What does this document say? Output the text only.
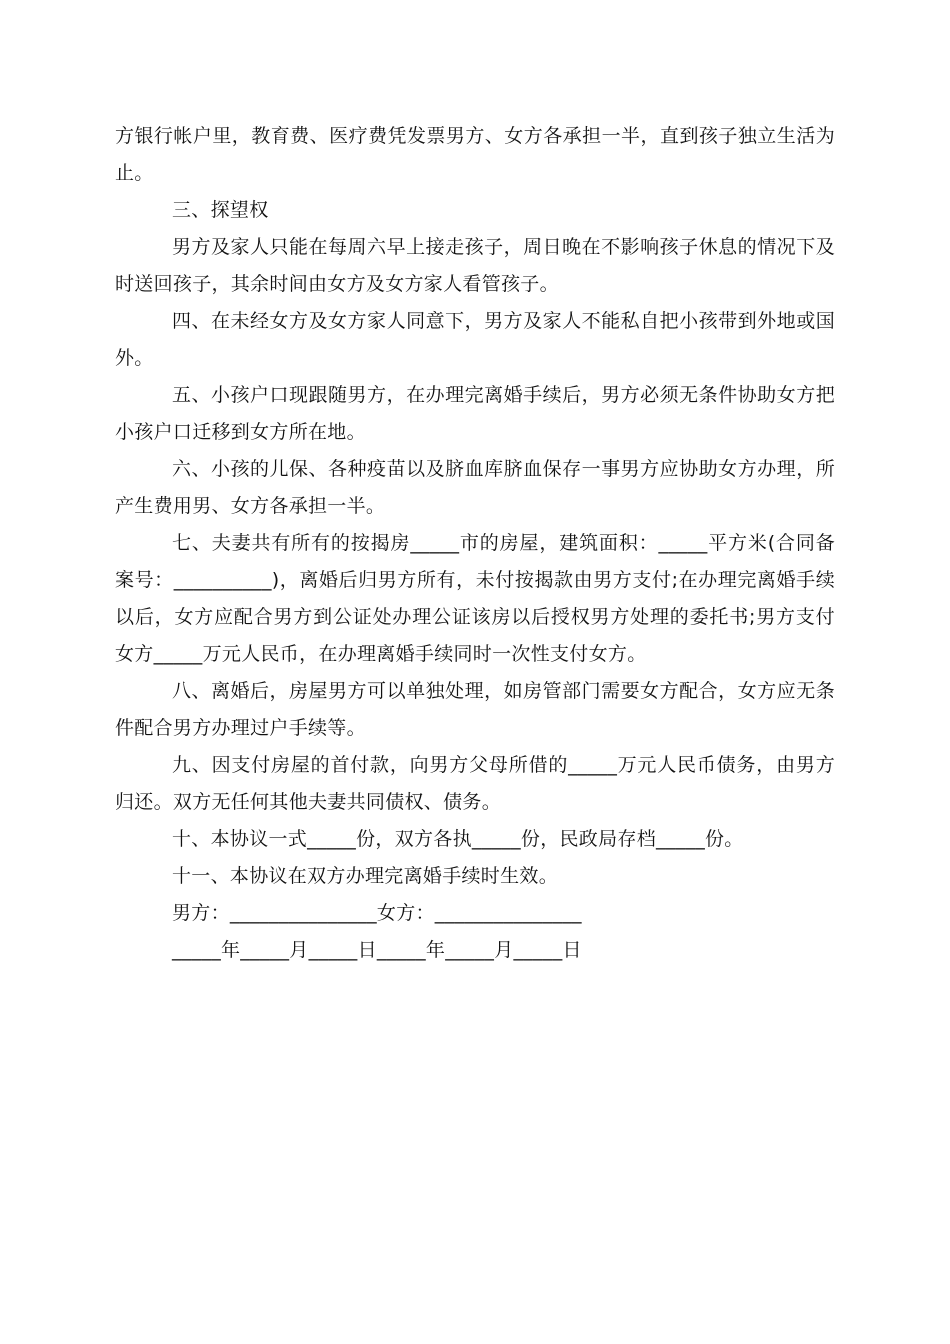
方银行帐户里，教育费、医疗费凭发票男方、女方各承担一半，直到孩子独立生活为止。

三、探望权

男方及家人只能在每周六早上接走孩子，周日晚在不影响孩子休息的情况下及时送回孩子，其余时间由女方及女方家人看管孩子。

四、在未经女方及女方家人同意下，男方及家人不能私自把小孩带到外地或国外。

五、小孩户口现跟随男方，在办理完离婚手续后，男方必须无条件协助女方把小孩户口迁移到女方所在地。

六、小孩的儿保、各种疫苗以及脐血库脐血保存一事男方应协助女方办理，所产生费用男、女方各承担一半。

七、夫妻共有所有的按揭房_____市的房屋，建筑面积：_____平方米(合同备案号：__________)，离婚后归男方所有，未付按揭款由男方支付;在办理完离婚手续以后，女方应配合男方到公证处办理公证该房以后授权男方处理的委托书;男方支付女方_____万元人民币，在办理离婚手续同时一次性支付女方。

八、离婚后，房屋男方可以单独处理，如房管部门需要女方配合，女方应无条件配合男方办理过户手续等。

九、因支付房屋的首付款，向男方父母所借的_____万元人民币债务，由男方归还。双方无任何其他夫妻共同债权、债务。

十、本协议一式_____份，双方各执_____份，民政局存档_____份。

十一、本协议在双方办理完离婚手续时生效。

男方：_______________女方：_______________

_____年_____月_____日_____年_____月_____日
